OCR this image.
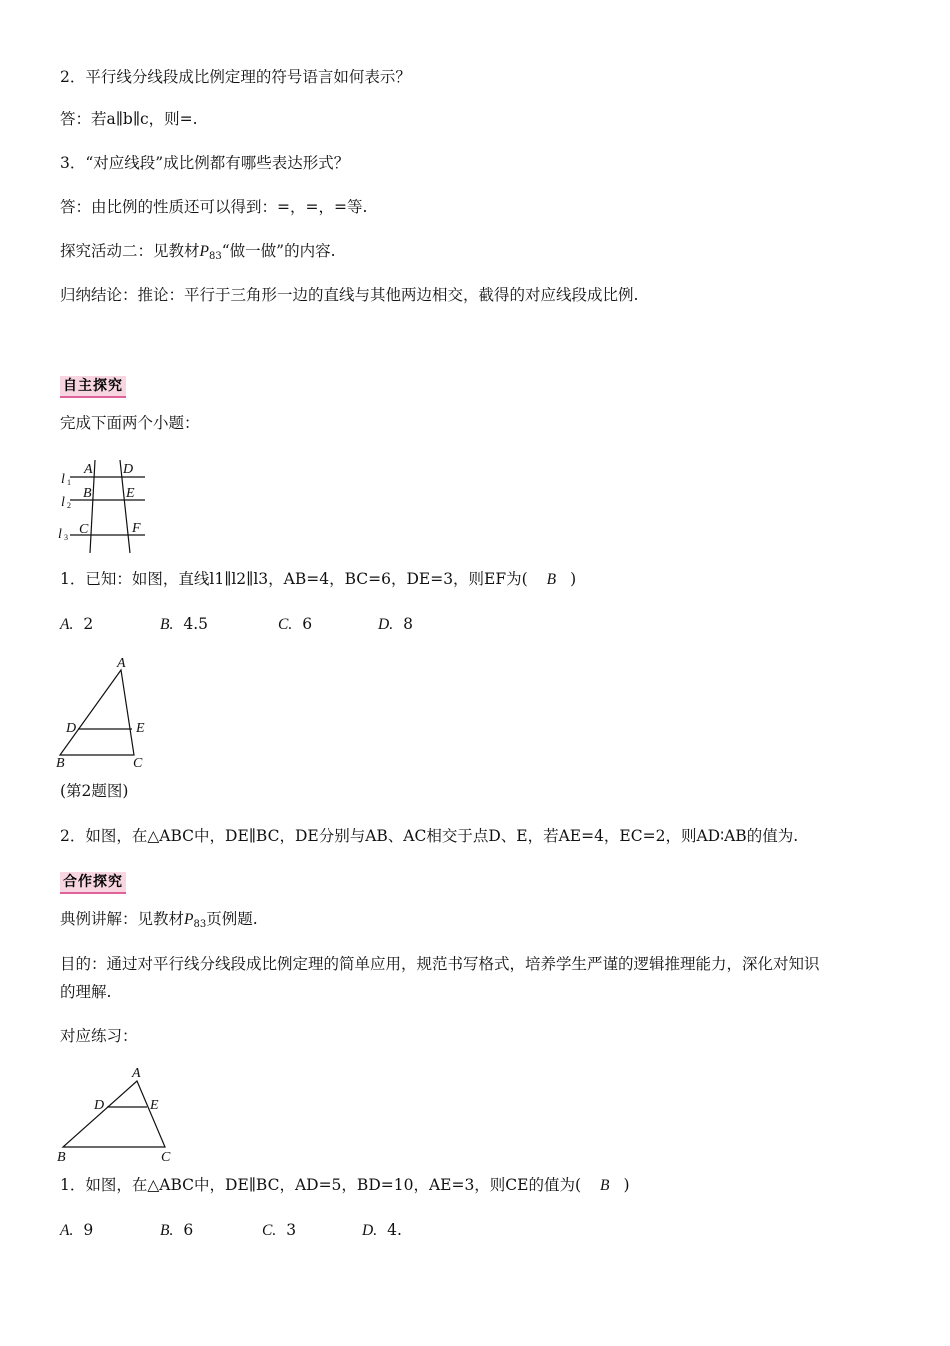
2．平行线分线段成比例定理的符号语言如何表示？
答：若a∥b∥c，则=.
3．“对应线段”成比例都有哪些表达形式？
答：由比例的性质还可以得到：=，=，=等.
探究活动二：见教材$P_{83}“$做一做”的内容.
归纳结论：推论：平行于三角形一边的直线与其他两边相交，截得的对应线段成比例.
自主探究
完成下面两个小题：
l 1
l 2
l 3
A
B
C
D
E
F
1．已知：如图，直线l1∥l2∥l3，AB=4，BC=6，DE=3，则EF为( B )
A. 2	B. 4.5	C. 6	D. 8
A
D	E
B	C
(第2题图)
2．如图，在△ABC中，DE∥BC，DE分别与AB、AC相交于点D、E，若AE=4，EC=2，则AD∶AB的值为.
合作探究
典例讲解：见教材$P_{83}$页例题.
目的：通过对平行线分线段成比例定理的简单应用，规范书写格式，培养学生严谨的逻辑推理能力，深化对知识
的理解.
对应练习：
A
D	E
B	C
1．如图，在△ABC中，DE∥BC，AD=5，BD=10，AE=3，则CE的值为( B )
A. 9	B. 6	C. 3	D. 4.
